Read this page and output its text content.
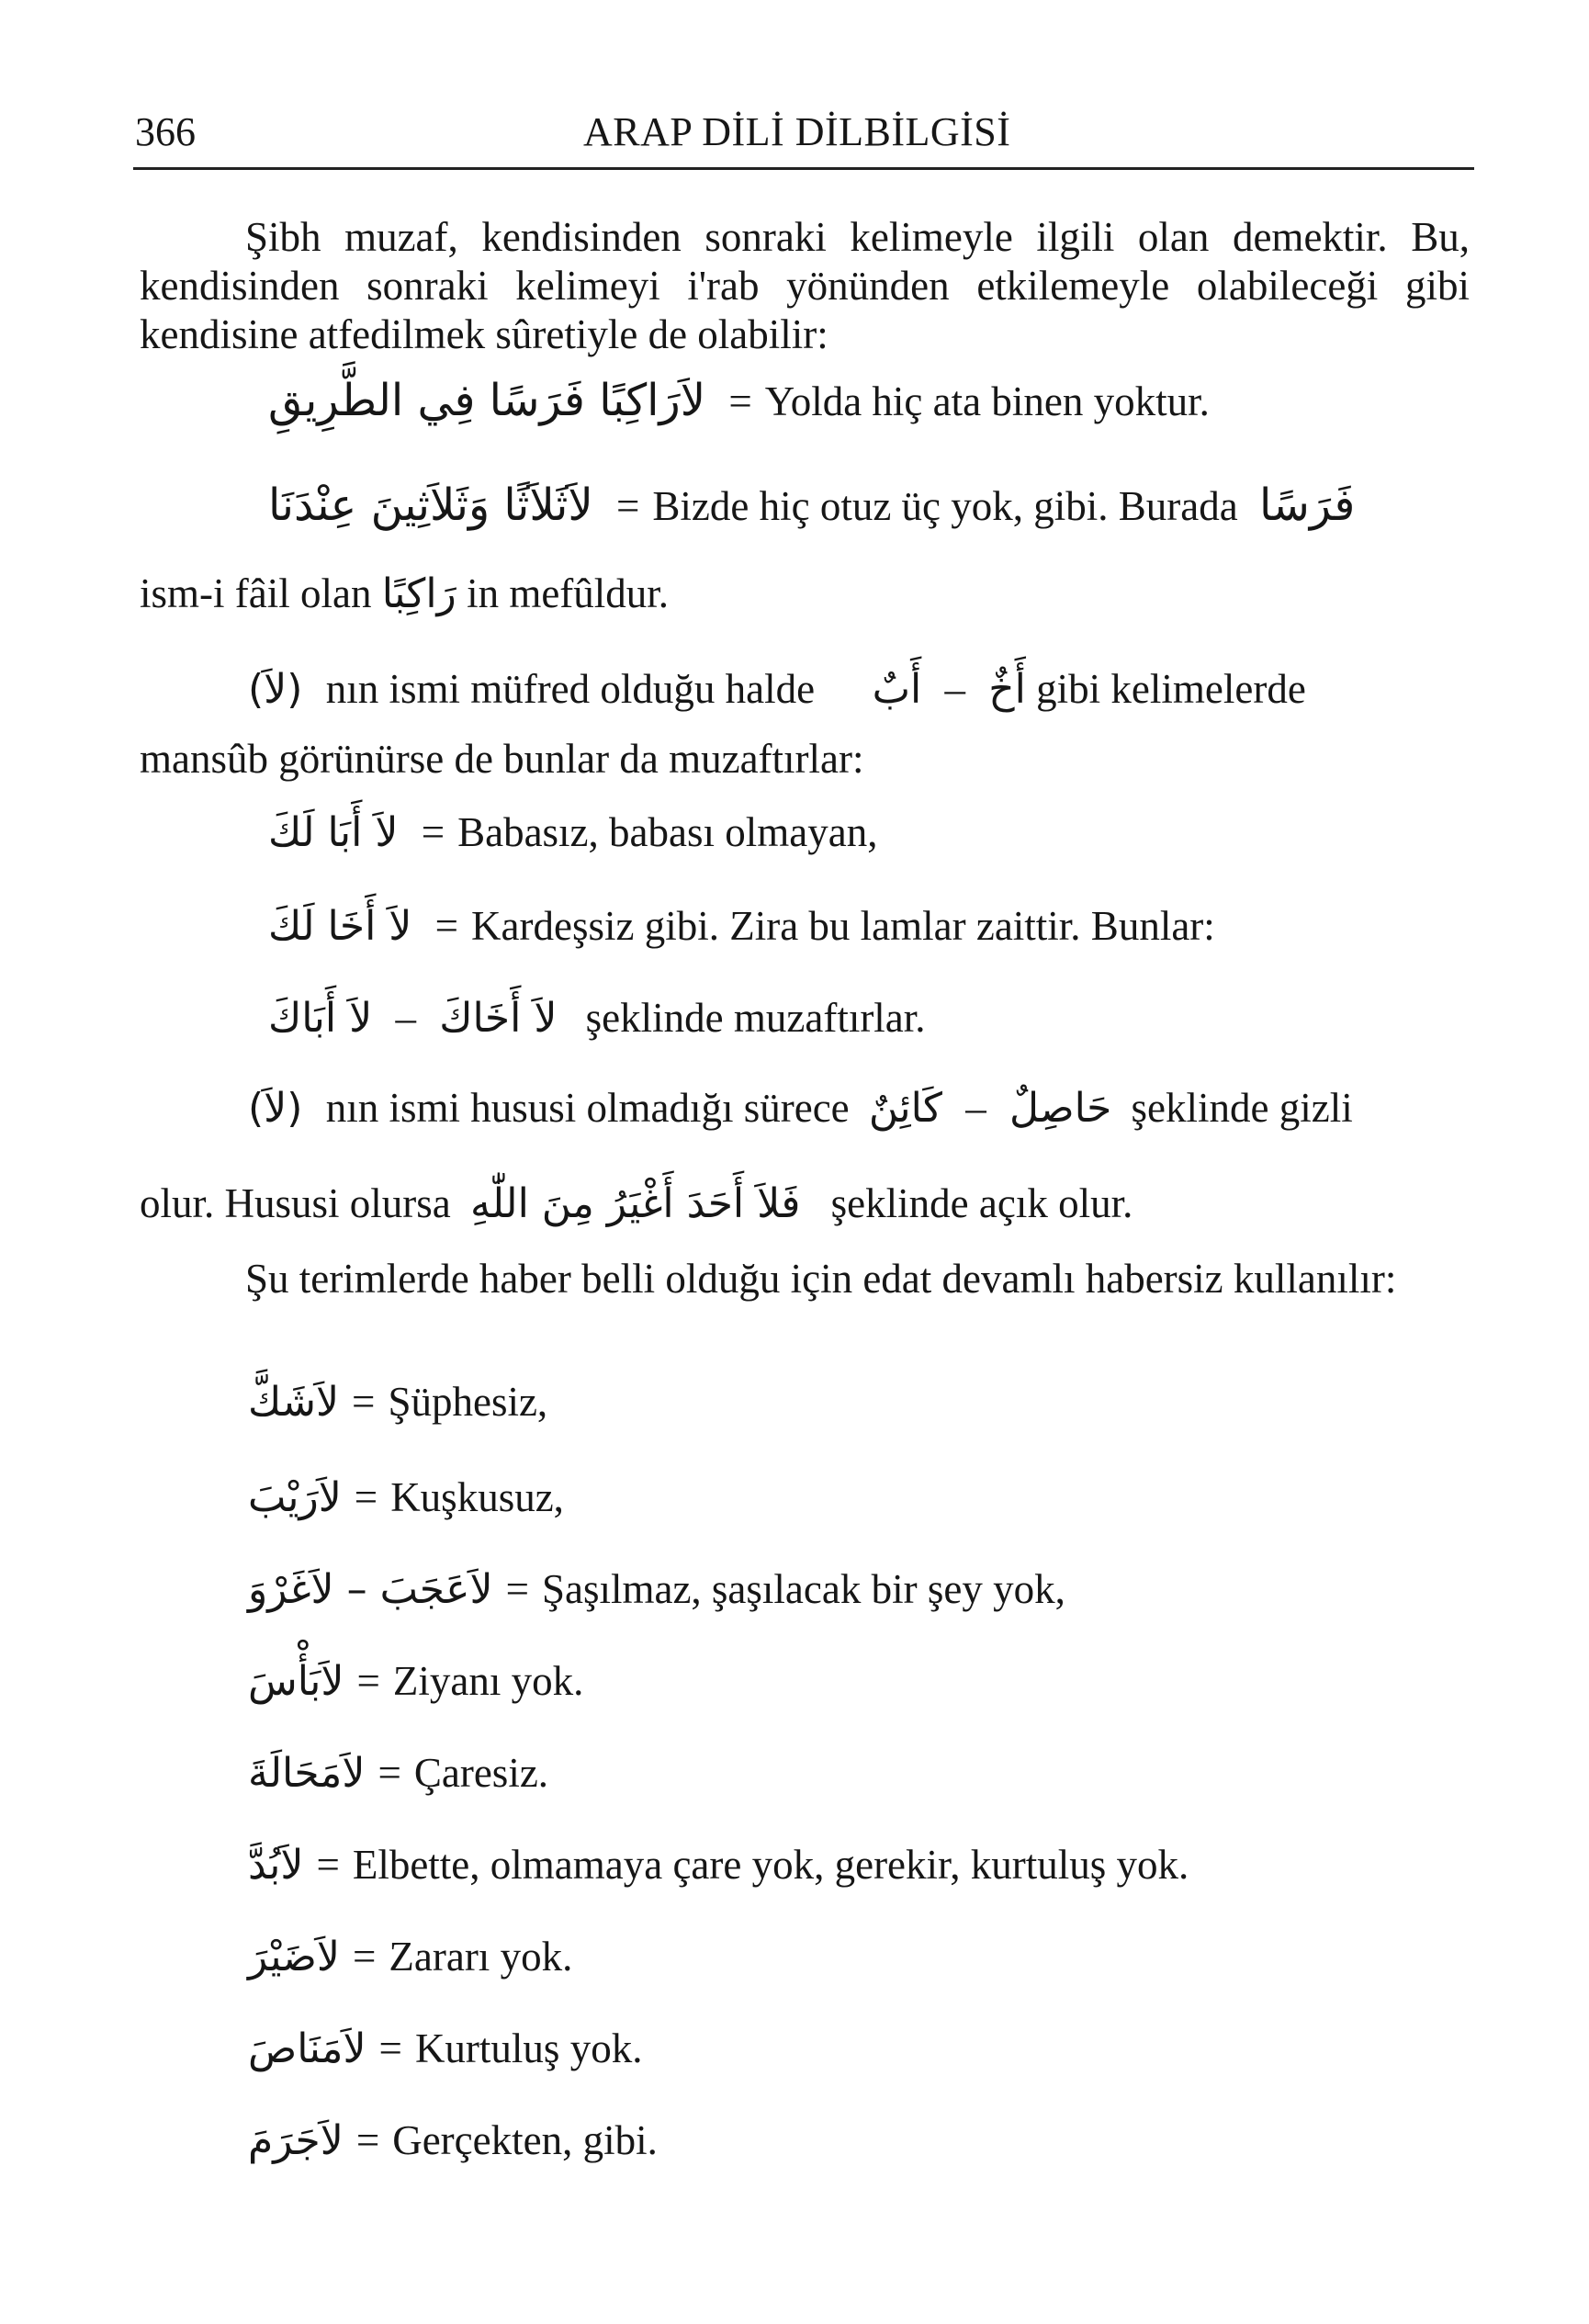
366	ARAP DİLİ DİLBİLGİSİ
Şibh muzaf, kendisinden sonraki kelimeyle ilgili olan demektir. Bu, kendisinden sonraki kelimeyi i'rab yönünden etkilemeyle olabileceği gibi kendisine atfedilmek sûretiyle de olabilir:
لاَرَاكِبًا فَرَسًا فِي الطَّرِيقِ = Yolda hiç ata binen yoktur.
لاَثَلاَثًا وَثَلاَثِينَ عِنْدَنَا = Bizde hiç otuz üç yok, gibi. Burada فَرَسًا
ism-i fâil olan رَاكِبًا in mefûldur.
(لاَ) nın ismi müfred olduğu halde أَبٌ – أَخٌ gibi kelimelerde
mansûb görünürse de bunlar da muzaftırlar:
لاَ أَبَا لَكَ = Babasız, babası olmayan,
لاَ أَخَا لَكَ = Kardeşsiz gibi. Zira bu lamlar zaittir. Bunlar:
لاَ أَبَاكَ – لاَ أَخَاكَ şeklinde muzaftırlar.
(لاَ) nın ismi hususi olmadığı sürece كَائِنٌ – حَاصِلٌ şeklinde gizli
olur. Hususi olursa فَلاَ أَحَدَ أَغْيَرُ مِنَ اللّٰهِ şeklinde açık olur.
Şu terimlerde haber belli olduğu için edat devamlı habersiz kullanılır:
لاَشَكَّ = Şüphesiz,
لاَرَيْبَ = Kuşkusuz,
لاَعَجَبَ – لاَغَرْوَ = Şaşılmaz, şaşılacak bir şey yok,
لاَبَأْسَ = Ziyanı yok.
لاَمَحَالَةَ = Çaresiz.
لاَبُدَّ = Elbette, olmamaya çare yok, gerekir, kurtuluş yok.
لاَضَيْرَ = Zararı yok.
لاَمَنَاصَ = Kurtuluş yok.
لاَجَرَمَ = Gerçekten, gibi.
